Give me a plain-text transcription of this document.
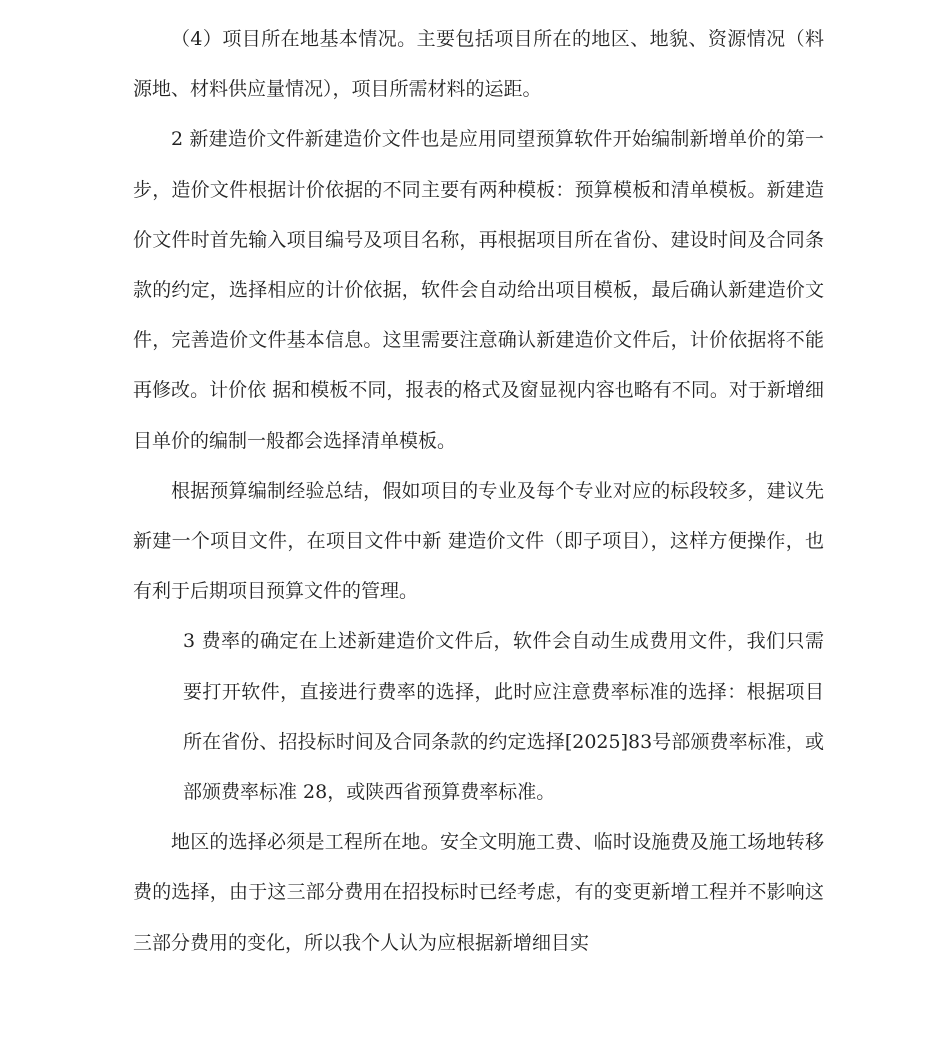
（4）项目所在地基本情况。主要包括项目所在的地区、地貌、资源情况（料源地、材料供应量情况），项目所需材料的运距。

2 新建造价文件新建造价文件也是应用同望预算软件开始编制新增单价的第一步，造价文件根据计价依据的不同主要有两种模板：预算模板和清单模板。新建造价文件时首先输入项目编号及项目名称，再根据项目所在省份、建设时间及合同条款的约定，选择相应的计价依据，软件会自动给出项目模板，最后确认新建造价文件，完善造价文件基本信息。这里需要注意确认新建造价文件后，计价依据将不能再修改。计价依 据和模板不同，报表的格式及窗显视内容也略有不同。对于新增细目单价的编制一般都会选择清单模板。

根据预算编制经验总结，假如项目的专业及每个专业对应的标段较多，建议先新建一个项目文件，在项目文件中新 建造价文件（即子项目），这样方便操作，也有利于后期项目预算文件的管理。

3 费率的确定在上述新建造价文件后，软件会自动生成费用文件，我们只需要打开软件，直接进行费率的选择，此时应注意费率标准的选择：根据项目所在省份、招投标时间及合同条款的约定选择[2025]83号部颁费率标准，或部颁费率标准 28，或陕西省预算费率标准。

地区的选择必须是工程所在地。安全文明施工费、临时设施费及施工场地转移费的选择，由于这三部分费用在招投标时已经考虑，有的变更新增工程并不影响这三部分费用的变化，所以我个人认为应根据新增细目实
